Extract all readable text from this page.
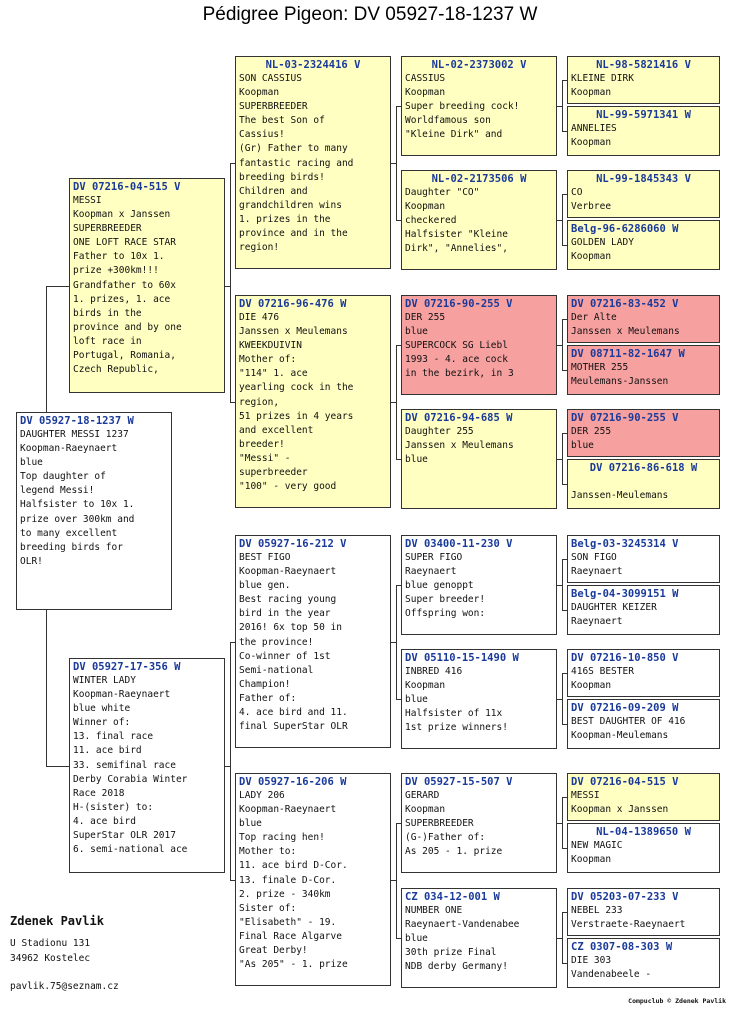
Pédigree Pigeon: DV 05927-18-1237 W
DV 05927-18-1237 W
DAUGHTER MESSI 1237
Koopman-Raeynaert
blue
Top daughter of
legend Messi!
Halfsister to 10x 1.
prize over 300km and
to many excellent
breeding birds for
OLR!
DV 07216-04-515 V
MESSI
Koopman x Janssen
SUPERBREEDER
ONE LOFT RACE STAR
Father to 10x 1.
prize +300km!!!
Grandfather to 60x
1. prizes, 1. ace
birds in the
province and by one
loft race in
Portugal, Romania,
Czech Republic,
DV 05927-17-356 W
WINTER LADY
Koopman-Raeynaert
blue white
Winner of:
13. final race
11. ace bird
33. semifinal race
Derby Corabia Winter
Race 2018
H-(sister) to:
4. ace bird
SuperStar OLR 2017
6. semi-national ace
NL-03-2324416 V
SON CASSIUS
Koopman
SUPERBREEDER
The best Son of
Cassius!
(Gr) Father to many
fantastic racing and
breeding birds!
Children and
grandchildren wins
1. prizes in the
province and in the
region!
DV 07216-96-476 W
DIE 476
Janssen x Meulemans
KWEEKDUIVIN
Mother of:
"114" 1. ace
yearling cock in the
region,
51 prizes in 4 years
and excellent
breeder!
"Messi" -
superbreeder
"100" - very good
DV 05927-16-212 V
BEST FIGO
Koopman-Raeynaert
blue gen.
Best racing young
bird in the year
2016! 6x top 50 in
the province!
Co-winner of 1st
Semi-national
Champion!
Father of:
4. ace bird and 11.
final SuperStar OLR
DV 05927-16-206 W
LADY 206
Koopman-Raeynaert
blue
Top racing hen!
Mother to:
11. ace bird D-Cor.
13. finale D-Cor.
2. prize - 340km
Sister of:
"Elisabeth" - 19.
Final Race Algarve
Great Derby!
"As 205" - 1. prize
NL-02-2373002 V
CASSIUS
Koopman
Super breeding cock!
Worldfamous son
"Kleine Dirk" and
NL-02-2173506 W
Daughter "CO"
Koopman
checkered
Halfsister "Kleine
Dirk", "Annelies",
DV 07216-90-255 V
DER 255
blue
SUPERCOCK SG Liebl
1993 - 4. ace cock
in the bezirk, in 3
DV 07216-94-685 W
Daughter 255
Janssen x Meulemans
blue
DV 03400-11-230 V
SUPER FIGO
Raeynaert
blue genoppt
Super breeder!
Offspring won:
DV 05110-15-1490 W
INBRED 416
Koopman
blue
Halfsister of 11x
1st prize winners!
DV 05927-15-507 V
GERARD
Koopman
SUPERBREEDER
(G-)Father of:
As 205 - 1. prize
CZ 034-12-001 W
NUMBER ONE
Raeynaert-Vandenabee
blue
30th prize Final
NDB derby Germany!
NL-98-5821416 V
KLEINE DIRK
Koopman
NL-99-5971341 W
ANNELIES
Koopman
NL-99-1845343 V
CO
Verbree
Belg-96-6286060 W
GOLDEN LADY
Koopman
DV 07216-83-452 V
Der Alte
Janssen x Meulemans
DV 08711-82-1647 W
MOTHER 255
Meulemans-Janssen
DV 07216-90-255 V
DER 255
blue
DV 07216-86-618 W

Janssen-Meulemans
Belg-03-3245314 V
SON FIGO
Raeynaert
Belg-04-3099151 W
DAUGHTER KEIZER
Raeynaert
DV 07216-10-850 V
416S BESTER
Koopman
DV 07216-09-209 W
BEST DAUGHTER OF 416
Koopman-Meulemans
DV 07216-04-515 V
MESSI
Koopman x Janssen
NL-04-1389650 W
NEW MAGIC
Koopman
DV 05203-07-233 V
NEBEL 233
Verstraete-Raeynaert
CZ 0307-08-303 W
DIE 303
Vandenabeele -
Zdenek Pavlik
U Stadionu 131
34962 Kostelec
pavlik.75@seznam.cz
Compuclub © Zdenek Pavlik
